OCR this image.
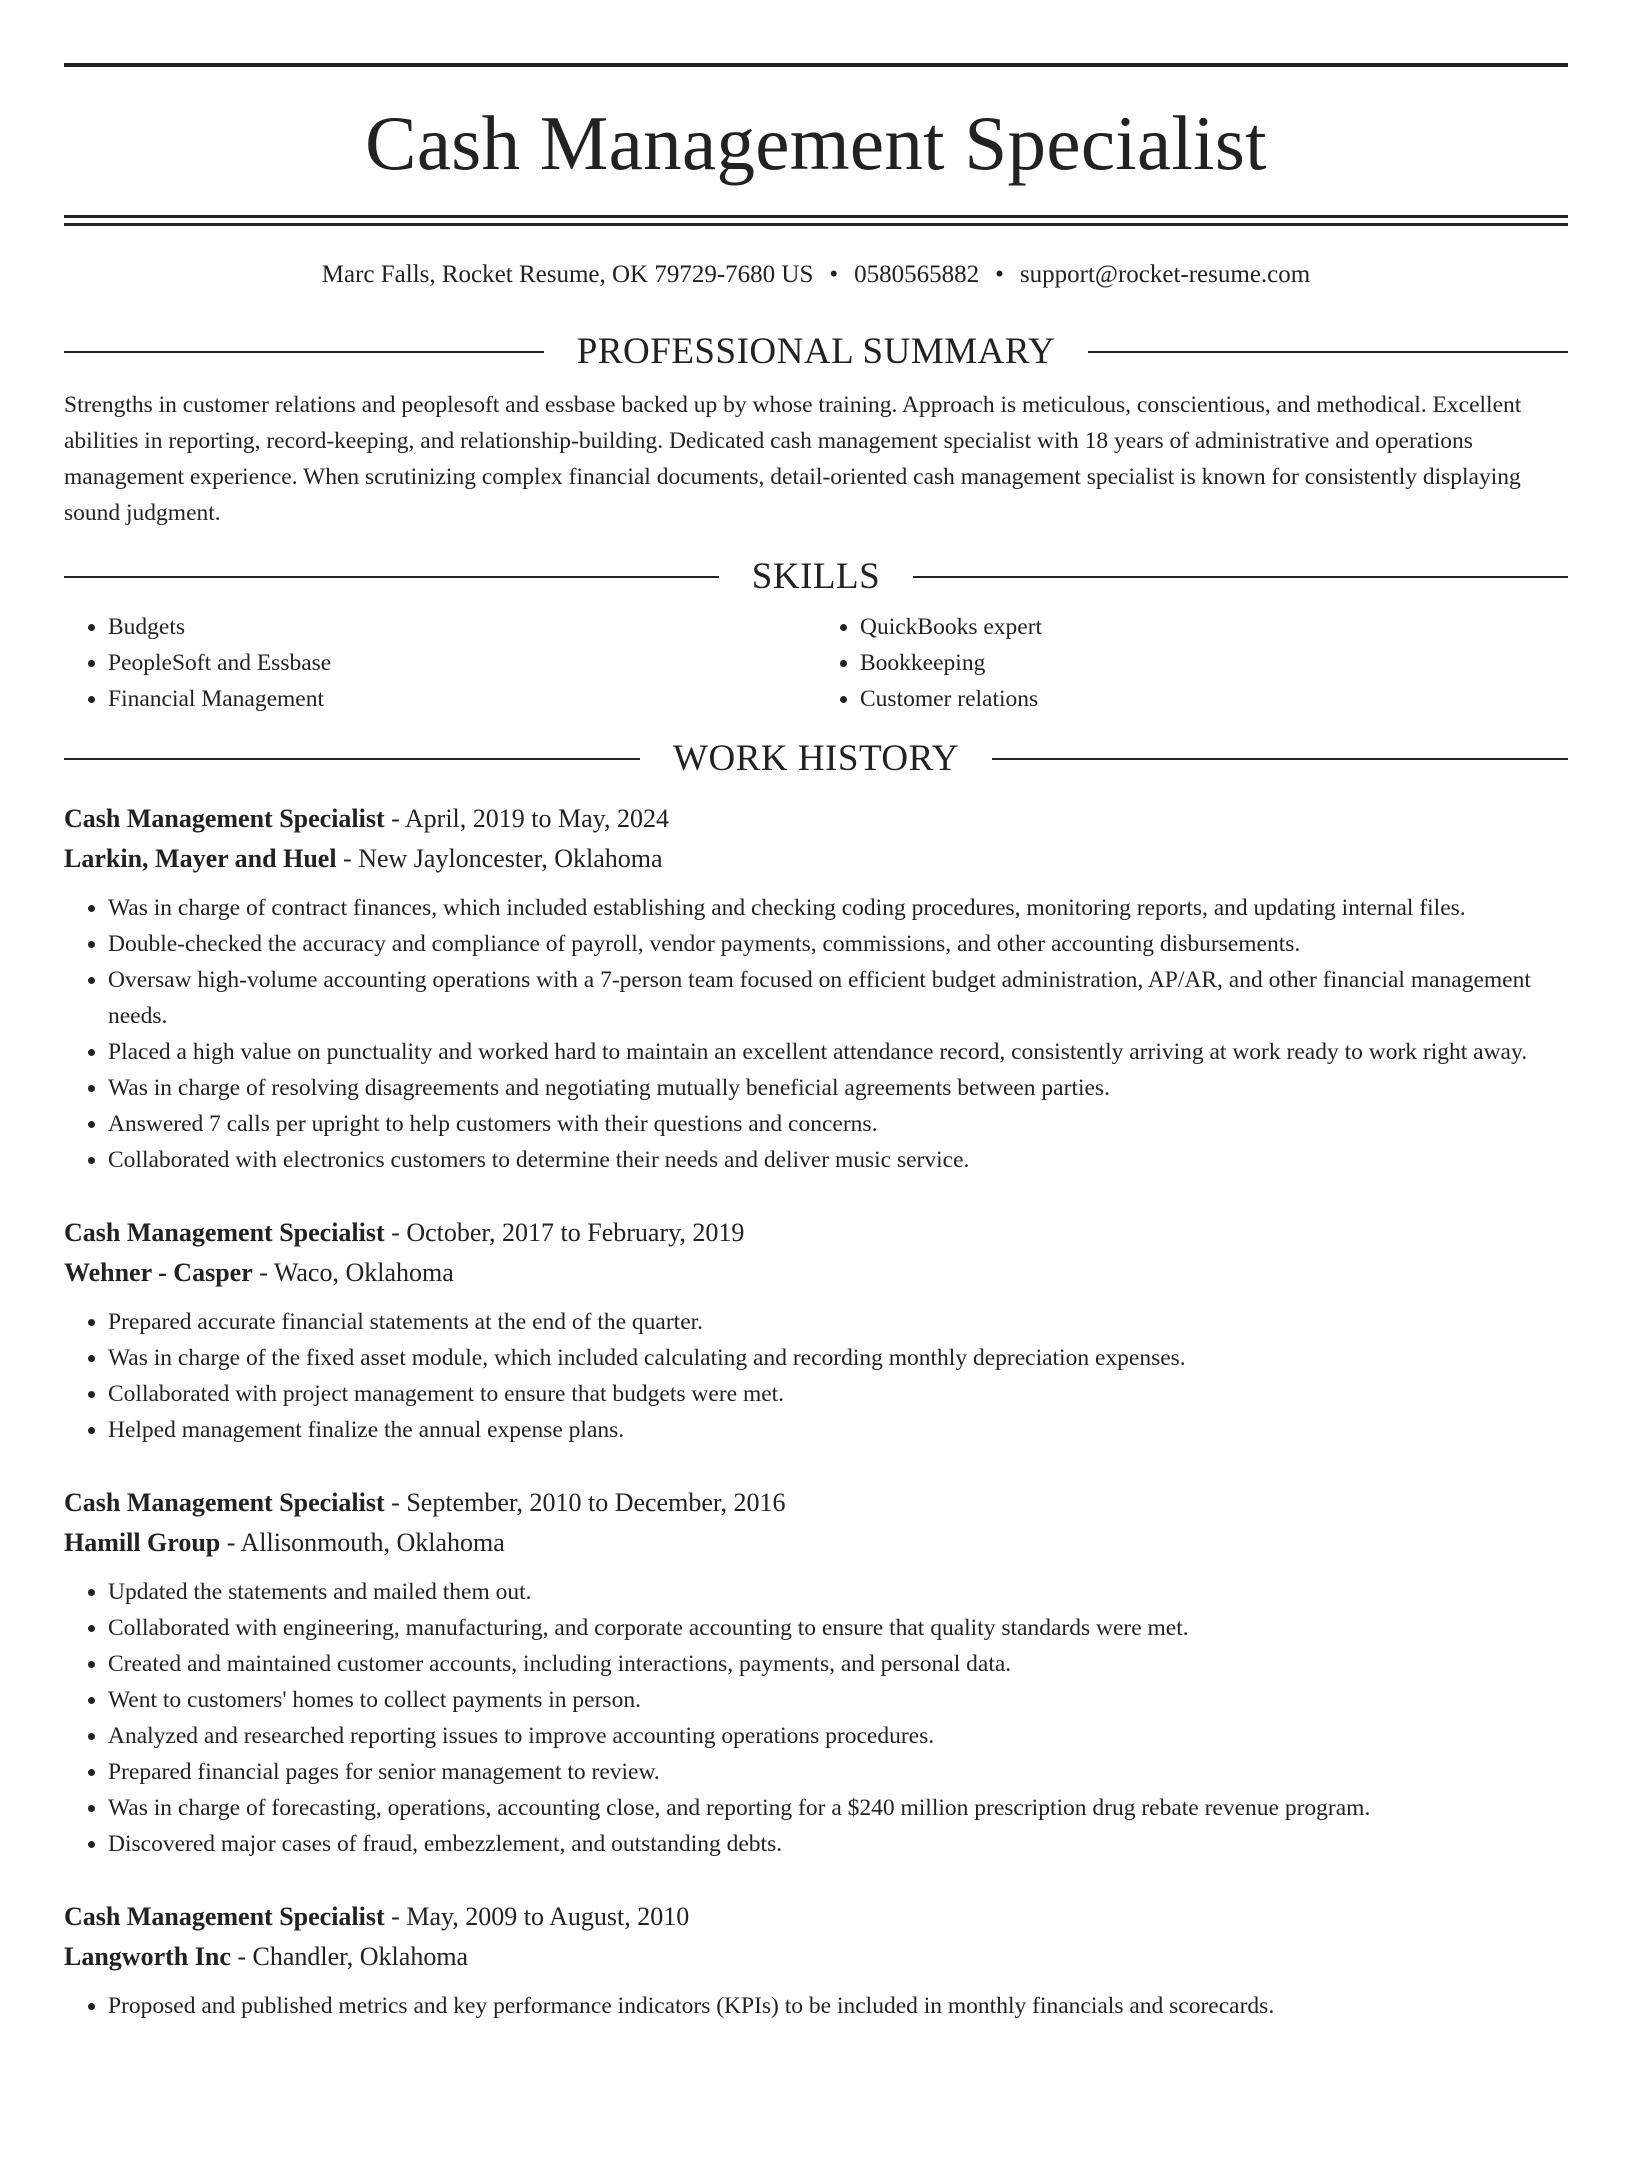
Cash Management Specialist
Marc Falls, Rocket Resume, OK 79729-7680 US • 0580565882 • support@rocket-resume.com
PROFESSIONAL SUMMARY

Strengths in customer relations and peoplesoft and essbase backed up by whose training. Approach is meticulous, conscientious, and methodical. Excellent abilities in reporting, record-keeping, and relationship-building. Dedicated cash management specialist with 18 years of administrative and operations management experience. When scrutinizing complex financial documents, detail-oriented cash management specialist is known for consistently displaying sound judgment.

SKILLS
• Budgets
• PeopleSoft and Essbase
• Financial Management
• QuickBooks expert
• Bookkeeping
• Customer relations
WORK HISTORY
Cash Management Specialist - April, 2019 to May, 2024
Larkin, Mayer and Huel - New Jayloncester, Oklahoma
• Was in charge of contract finances, which included establishing and checking coding procedures, monitoring reports, and updating internal files.
• Double-checked the accuracy and compliance of payroll, vendor payments, commissions, and other accounting disbursements.
• Oversaw high-volume accounting operations with a 7-person team focused on efficient budget administration, AP/AR, and other financial management needs.
• Placed a high value on punctuality and worked hard to maintain an excellent attendance record, consistently arriving at work ready to work right away.
• Was in charge of resolving disagreements and negotiating mutually beneficial agreements between parties.
• Answered 7 calls per upright to help customers with their questions and concerns.
• Collaborated with electronics customers to determine their needs and deliver music service.
Cash Management Specialist - October, 2017 to February, 2019
Wehner - Casper - Waco, Oklahoma
• Prepared accurate financial statements at the end of the quarter.
• Was in charge of the fixed asset module, which included calculating and recording monthly depreciation expenses.
• Collaborated with project management to ensure that budgets were met.
• Helped management finalize the annual expense plans.
Cash Management Specialist - September, 2010 to December, 2016
Hamill Group - Allisonmouth, Oklahoma
• Updated the statements and mailed them out.
• Collaborated with engineering, manufacturing, and corporate accounting to ensure that quality standards were met.
• Created and maintained customer accounts, including interactions, payments, and personal data.
• Went to customers' homes to collect payments in person.
• Analyzed and researched reporting issues to improve accounting operations procedures.
• Prepared financial pages for senior management to review.
• Was in charge of forecasting, operations, accounting close, and reporting for a $240 million prescription drug rebate revenue program.
• Discovered major cases of fraud, embezzlement, and outstanding debts.
Cash Management Specialist - May, 2009 to August, 2010
Langworth Inc - Chandler, Oklahoma
• Proposed and published metrics and key performance indicators (KPIs) to be included in monthly financials and scorecards.
